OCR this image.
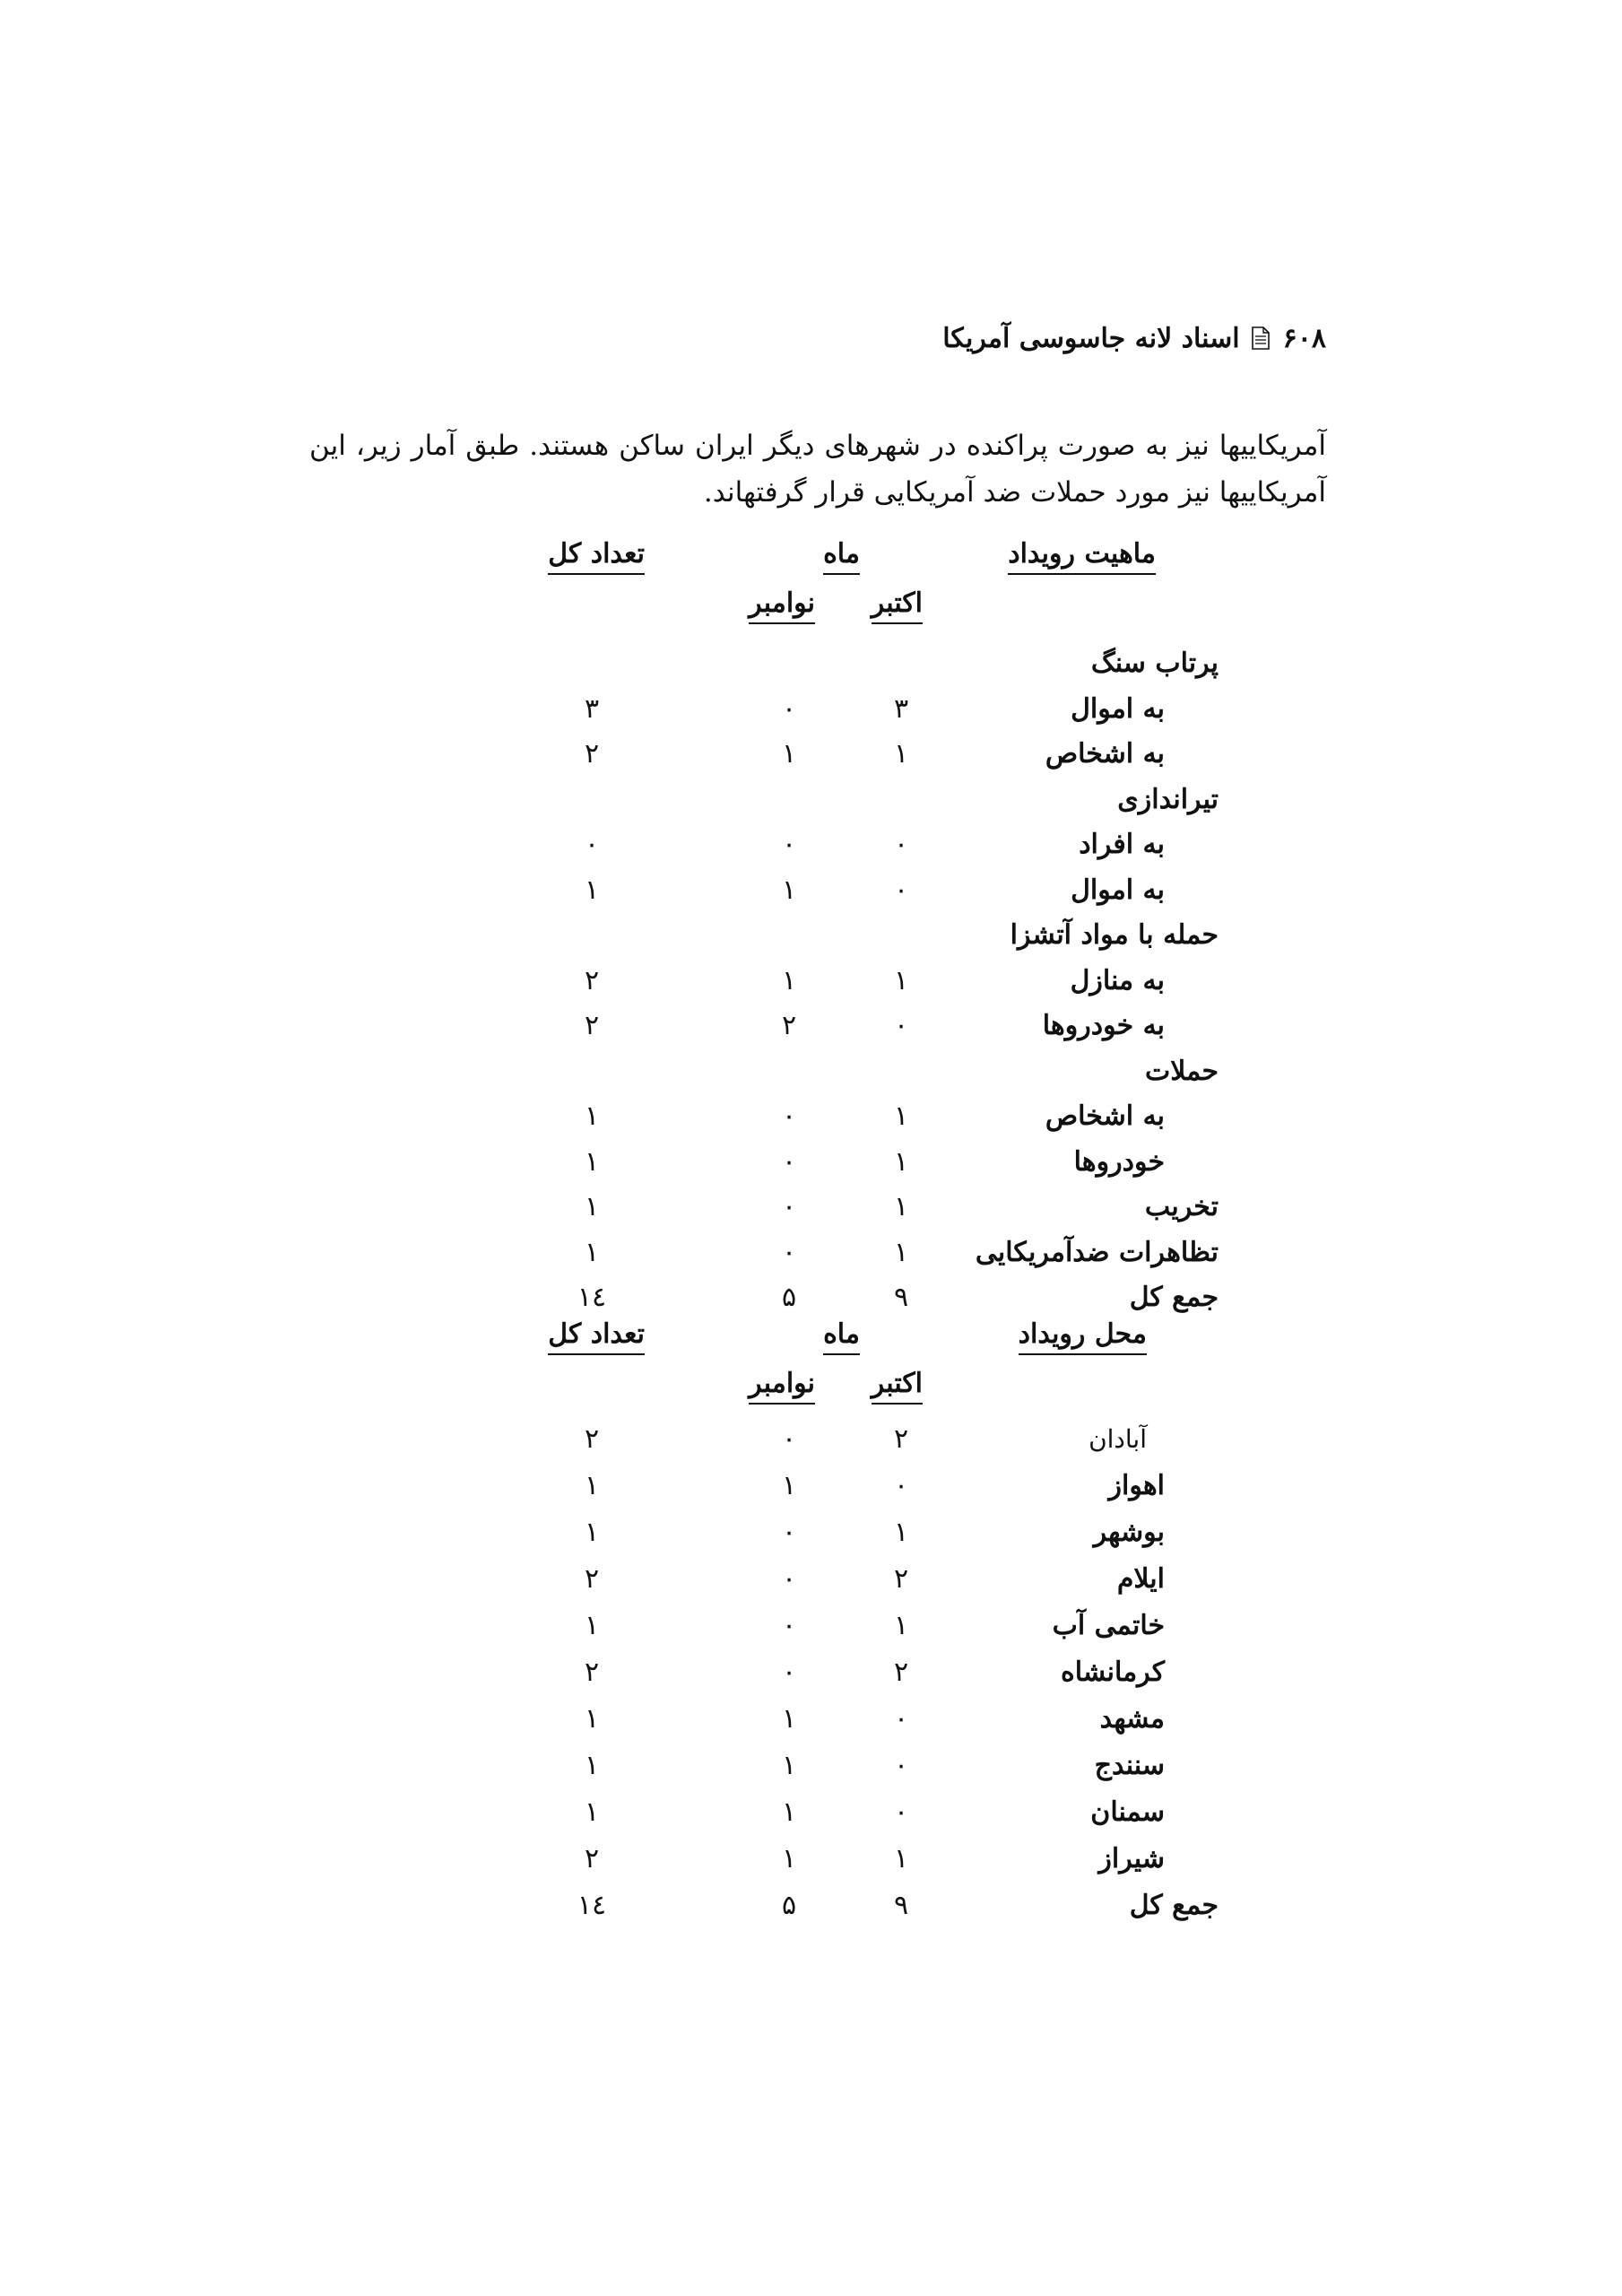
۶۰۸
اسناد لانه جاسوسی آمریکا

آمریکاییها نیز به صورت پراکنده در شهرهای دیگر ایران ساکن هستند. طبق آمار زیر، این آمریکاییها نیز مورد حملات ضد آمریکایی قرار گرفتهاند.

ماهیت رویداد
ماه
تعداد کل
اکتبر
نوامبر
پرتاب سنگ
به اموال
۳
۰
۳
به اشخاص
۱
۱
۲
تیراندازی
به افراد
۰
۰
۰
به اموال
۰
۱
۱
حمله با مواد آتشزا
به منازل
۱
۱
۲
به خودروها
۰
۲
۲
حملات
به اشخاص
۱
۰
۱
خودروها
۱
۰
۱
تخریب
۱
۰
۱
تظاهرات ضدآمریکایی
۱
۰
۱
جمع کل
۹
۵
۱٤
محل رویداد
ماه
تعداد کل
اکتبر
نوامبر
آبادان
۲
۰
۲
اهواز
۰
۱
۱
بوشهر
۱
۰
۱
ایلام
۲
۰
۲
خاتمی آب
۱
۰
۱
کرمانشاه
۲
۰
۲
مشهد
۰
۱
۱
سنندج
۰
۱
۱
سمنان
۰
۱
۱
شیراز
۱
۱
۲
جمع کل
۹
۵
۱٤
